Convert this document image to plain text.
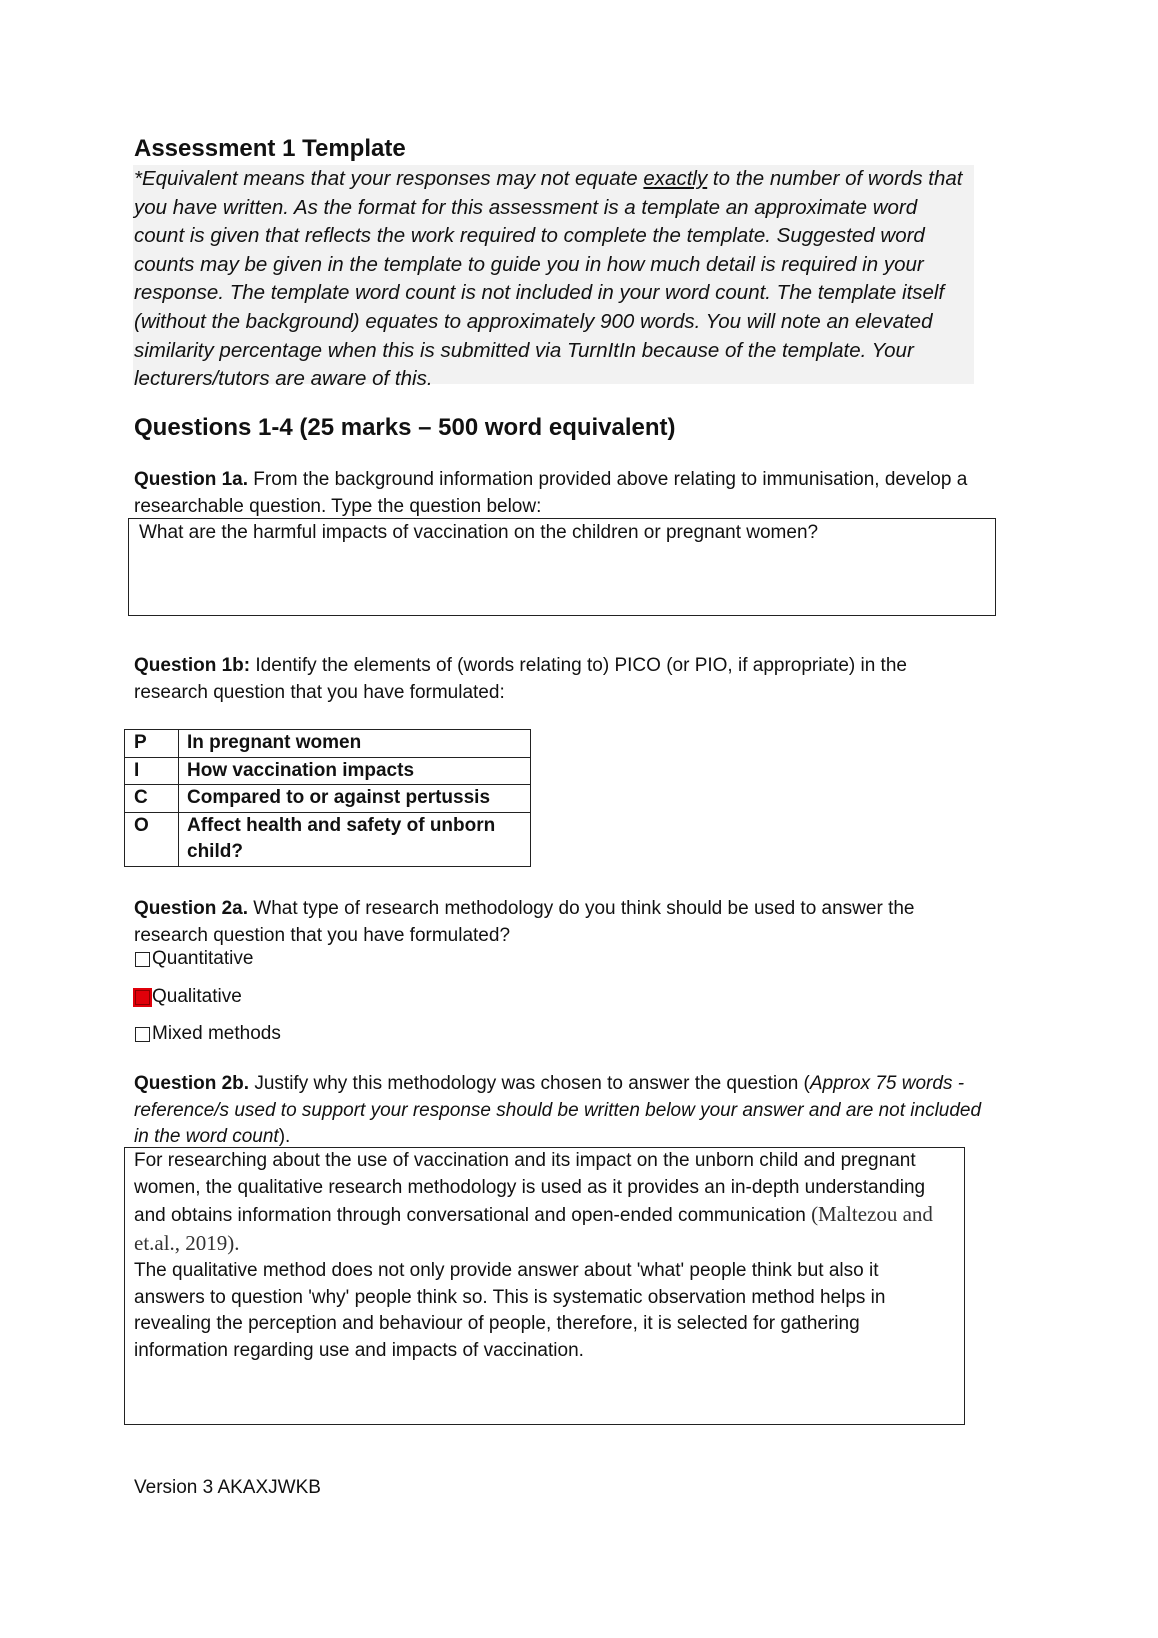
Assessment 1 Template
*Equivalent means that your responses may not equate exactly to the number of words that you have written. As the format for this assessment is a template an approximate word count is given that reflects the work required to complete the template. Suggested word counts may be given in the template to guide you in how much detail is required in your response. The template word count is not included in your word count. The template itself (without the background) equates to approximately 900 words. You will note an elevated similarity percentage when this is submitted via TurnItIn because of the template. Your lecturers/tutors are aware of this.
Questions 1-4 (25 marks – 500 word equivalent)
Question 1a. From the background information provided above relating to immunisation, develop a researchable question. Type the question below:
What are the harmful impacts of vaccination on the children or pregnant women?
Question 1b: Identify the elements of (words relating to) PICO (or PIO, if appropriate) in the research question that you have formulated:
P	In pregnant women
I	How vaccination impacts
C	Compared to or against pertussis
O	Affect health and safety of unborn child?
Question 2a. What type of research methodology do you think should be used to answer the research question that you have formulated?
Quantitative
Qualitative
Mixed methods
Question 2b. Justify why this methodology was chosen to answer the question (Approx 75 words - reference/s used to support your response should be written below your answer and are not included in the word count).
For researching about the use of vaccination and its impact on the unborn child and pregnant women, the qualitative research methodology is used as it provides an in-depth understanding and obtains information through conversational and open-ended communication (Maltezou and et.al., 2019).
The qualitative method does not only provide answer about 'what' people think but also it answers to question 'why' people think so. This is systematic observation method helps in revealing the perception and behaviour of people, therefore, it is selected for gathering information regarding use and impacts of vaccination.
Version 3 AKAXJWKB
